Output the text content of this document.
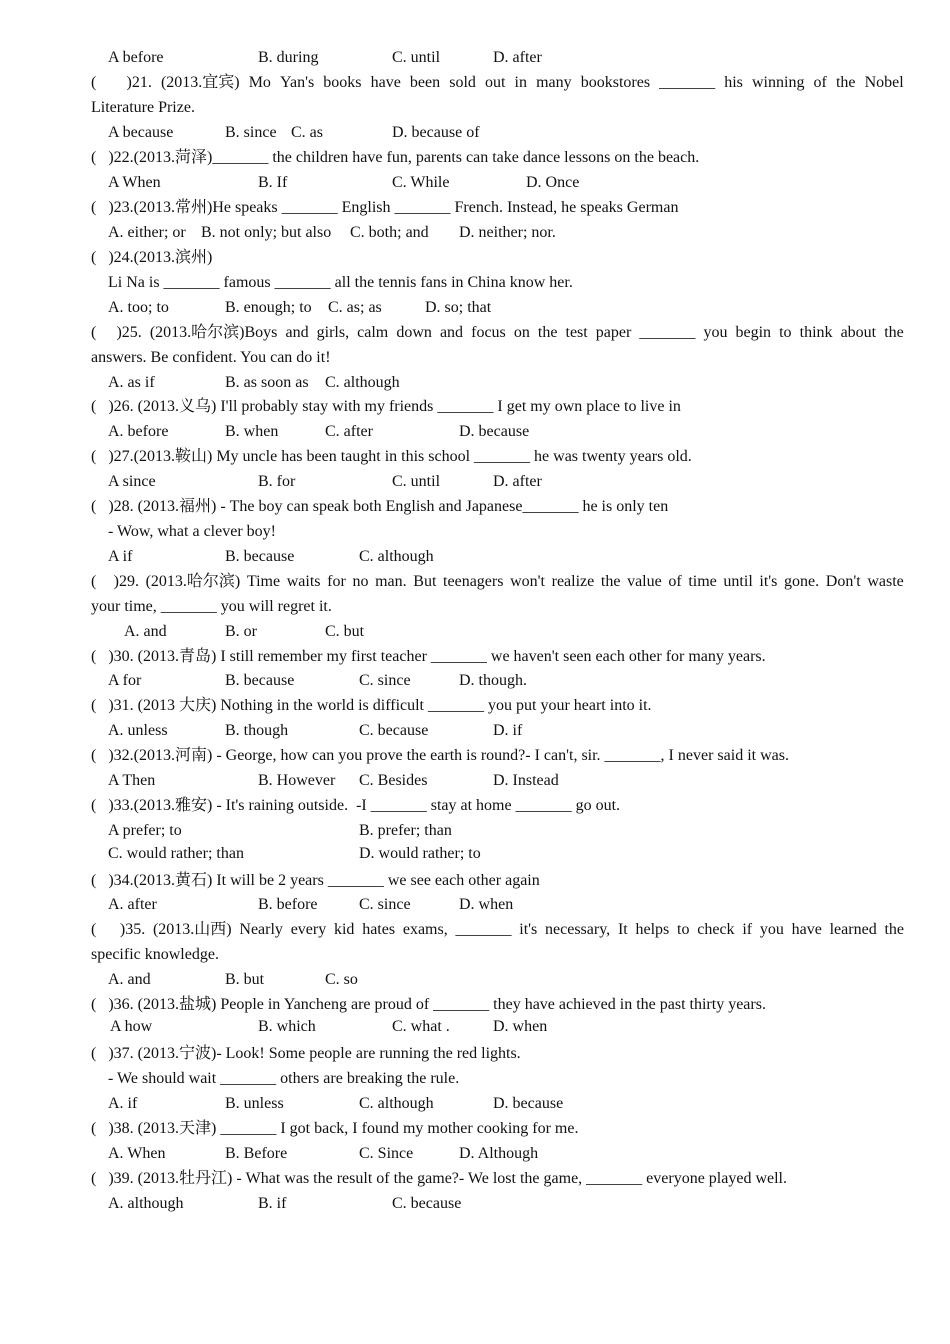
A before	B. during	C. until	D. after
(
)21. (2013.宜宾) Mo Yan's books have been sold out in many bookstores _______ his winning of the Nobel
Literature Prize.
A because	B. since C. as	D. because of
(   )22.(2013.菏泽)_______ the children have fun, parents can take dance lessons on the beach.
A When	B. If	C. While	D. Once
(   )23.(2013.常州)He speaks _______ English _______ French. Instead, he speaks German
A. either; or B. not only; but also C. both; and D. neither; nor.
(   )24.(2013.滨州)
Li Na is _______ famous _______ all the tennis fans in China know her.
A. too; to	B. enough; to C. as; as	D. so; that
(
)25. (2013.哈尔滨)Boys and girls, calm down and focus on the test paper _______ you begin to think about the
answers. Be confident. You can do it!
A. as if	B. as soon as C. although
(   )26. (2013.义乌) I'll probably stay with my friends _______ I get my own place to live in
A. before	B. when	C. after	D. because
(   )27.(2013.鞍山) My uncle has been taught in this school _______ he was twenty years old.
A since	B. for	C. until	D. after
(   )28. (2013.福州) - The boy can speak both English and Japanese_______ he is only ten
- Wow, what a clever boy!
A if	B. because	C. although
(
)29. (2013.哈尔滨) Time waits for no man. But teenagers won't realize the value of time until it's gone. Don't waste
your time, _______ you will regret it.
A. and	B. or	C. but
(   )30. (2013.青岛) I still remember my first teacher _______ we haven't seen each other for many years.
A for	B. because	C. since	D. though.
(   )31. (2013 大庆) Nothing in the world is difficult _______ you put your heart into it.
A. unless	B. though	C. because	D. if
(   )32.(2013.河南) - George, how can you prove the earth is round?- I can't, sir. _______, I never said it was.
A Then	B. However C. Besides	D. Instead
(   )33.(2013.雅安) - It's raining outside.  -I _______ stay at home _______ go out.
A prefer; to	B. prefer; than
C. would rather; than	D. would rather; to
(   )34.(2013.黄石) It will be 2 years _______ we see each other again
A. after	B. before	C. since	D. when
(
)35. (2013.山西) Nearly every kid hates exams, _______ it's necessary, It helps to check if you have learned the
specific knowledge.
A. and	B. but	C. so
(   )36. (2013.盐城) People in Yancheng are proud of _______ they have achieved in the past thirty years.
A how	B. which	C. what .	D. when
(   )37. (2013.宁波)- Look! Some people are running the red lights.
- We should wait _______ others are breaking the rule.
A. if	B. unless	C. although	D. because
(   )38. (2013.天津) _______ I got back, I found my mother cooking for me.
A. When	B. Before	C. Since	D. Although
(   )39. (2013.牡丹江) - What was the result of the game?- We lost the game, _______ everyone played well.
A. although	B. if	C. because
